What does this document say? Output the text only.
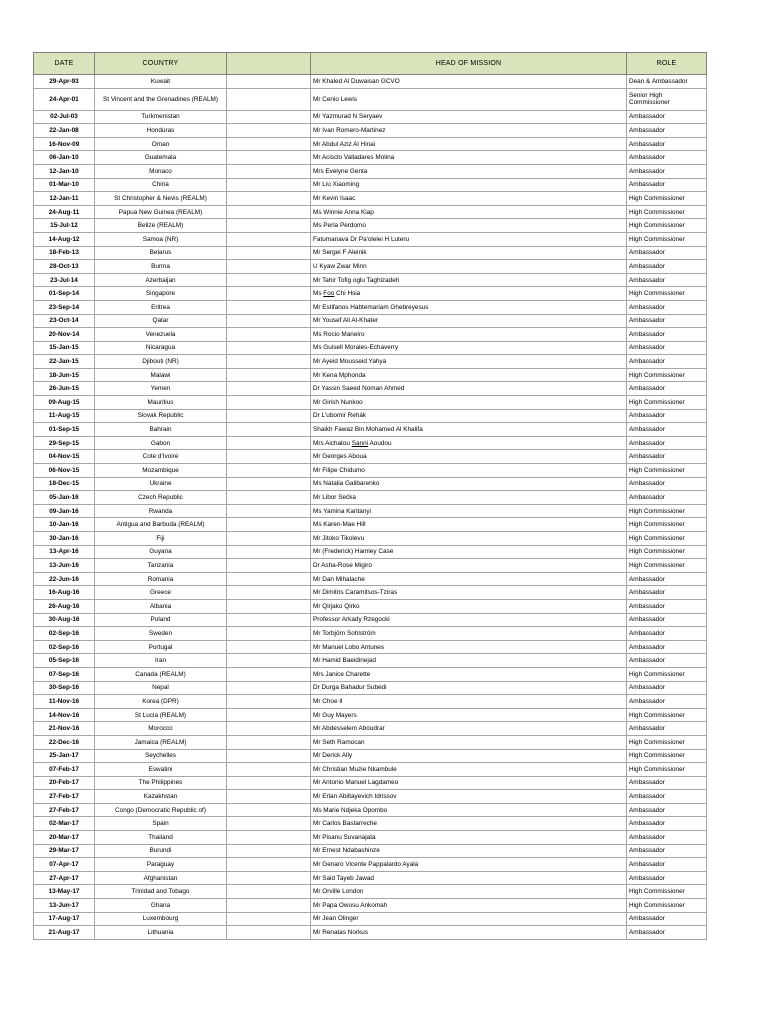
DATE	COUNTRY		HEAD OF MISSION	ROLE
29-Apr-93	Kuwait		Mr Khaled Al Duwaisan GCVO	Dean & Ambassador
24-Apr-01	St Vincent and the Grenadines (REALM)		Mr Cenio Lewis	Senior High Commissioner
02-Jul-03	Turkmenistan		Mr Yazmurad N Seryaev	Ambassador
22-Jan-08	Honduras		Mr Ivan Romero-Martinez	Ambassador
16-Nov-09	Oman		Mr Abdul Aziz Al Hinai	Ambassador
06-Jan-10	Guatemala		Mr Acisclo Valladares Molina	Ambassador
12-Jan-10	Monaco		Mrs Evelyne Genta	Ambassador
01-Mar-10	China		Mr Liu Xiaoming	Ambassador
12-Jan-11	St Christopher & Nevis (REALM)		Mr Kevin Isaac	High Commissioner
24-Aug-11	Papua New Guinea (REALM)		Ms Winnie Anna Kiap	High Commissioner
15-Jul-12	Belize (REALM)		Ms Perla Perdomo	High Commissioner
14-Aug-12	Samoa (NR)		Fatumanava Dr Pa'olelei H Luteru	High Commissioner
18-Feb-13	Belarus		Mr Sergei F Aleinik	Ambassador
28-Oct-13	Burma		U Kyaw Zwar Minn	Ambassador
23-Jul-14	Azerbaijan		Mr Tahir Tofig oglu Taghizadeh	Ambassador
01-Sep-14	Singapore		Ms Foo Chi Hsia	High Commissioner
23-Sep-14	Eritrea		Mr Estifanos Habtemariam Ghebreyesus	Ambassador
23-Oct-14	Qatar		Mr Yousef Ali Al-Khater	Ambassador
20-Nov-14	Venezuela		Ms Rocio Maneiro	Ambassador
15-Jan-15	Nicaragua		Ms Guisell Morales-Echaverry	Ambassador
22-Jan-15	Djibouti (NR)		Mr Ayeid Mousseid Yahya	Ambassador
18-Jun-15	Malawi		Mr Kena Mphonda	High Commissioner
26-Jun-15	Yemen		Dr Yassin Saeed Noman Ahmed	Ambassador
09-Aug-15	Mauritius		Mr Girish Nunkoo	High Commissioner
11-Aug-15	Slovak Republic		Dr L'ubomir Rehák	Ambassador
01-Sep-15	Bahrain		Shaikh Fawaz Bin Mohamed Al Khalifa	Ambassador
29-Sep-15	Gabon		Mrs Aichatou Sanni Aoudou	Ambassador
04-Nov-15	Cote d'Ivoire		Mr Georges Aboua	Ambassador
06-Nov-15	Mozambique		Mr Filipe Chidumo	High Commissioner
18-Dec-15	Ukraine		Ms Natalia Galibarenko	Ambassador
05-Jan-16	Czech Republic		Mr Libor Sečka	Ambassador
09-Jan-16	Rwanda		Ms Yamina Karitanyi	High Commissioner
10-Jan-16	Antigua and Barbuda (REALM)		Ms Karen-Mae Hill	High Commissioner
30-Jan-16	Fiji		Mr Jitoko Tikolevu	High Commissioner
13-Apr-16	Guyana		Mr (Frederick) Hamley Case	High Commissioner
13-Jun-16	Tanzania		Dr Asha-Rose Migiro	High Commissioner
22-Jun-16	Romania		Mr Dan Mihalache	Ambassador
16-Aug-16	Greece		Mr Dimitris Caramitsos-Tziras	Ambassador
26-Aug-16	Albania		Mr Qirjako Qirko	Ambassador
30-Aug-16	Poland		Professor Arkady Rzegocki	Ambassador
02-Sep-16	Sweden		Mr Torbjörn Sohlström	Ambassador
02-Sep-16	Portugal		Mr Manuel Lobo Antunes	Ambassador
05-Sep-16	Iran		Mr Hamid Baeidinejad	Ambassador
07-Sep-16	Canada (REALM)		Mrs Janice Charette	High Commissioner
30-Sep-16	Nepal		Dr Durga Bahadur Subedi	Ambassador
11-Nov-16	Korea (DPR)		Mr Choe Il	Ambassador
14-Nov-16	St Lucia (REALM)		Mr Guy Mayers	High Commissioner
21-Nov-16	Morocco		Mr Abdesselem Aboudrar	Ambassador
22-Dec-16	Jamaica (REALM)		Mr Seth Ramocan	High Commissioner
25-Jan-17	Seychelles		Mr Derick Ally	High Commissioner
07-Feb-17	Eswatini		Mr Christian Muzie Nkambule	High Commissioner
20-Feb-17	The Philippines		Mr Antonio Manuel Lagdameo	Ambassador
27-Feb-17	Kazakhstan		Mr Erlan Abiltayevich Idrissov	Ambassador
27-Feb-17	Congo (Democratic Republic of)		Ms Marie Ndjeka Opombo	Ambassador
02-Mar-17	Spain		Mr Carlos Bastarreche	Ambassador
20-Mar-17	Thailand		Mr Pisanu Suvanajata	Ambassador
29-Mar-17	Burundi		Mr Ernest Ndabashinze	Ambassador
07-Apr-17	Paraguay		Mr Genaro Vicente Pappalardo Ayala	Ambassador
27-Apr-17	Afghanistan		Mr Said Tayeb Jawad	Ambassador
13-May-17	Trinidad and Tobago		Mr Orville London	High Commissioner
13-Jun-17	Ghana		Mr Papa Owusu Ankomah	High Commissioner
17-Aug-17	Luxembourg		Mr Jean Olinger	Ambassador
21-Aug-17	Lithuania		Mr Renatas Norkus	Ambassador
